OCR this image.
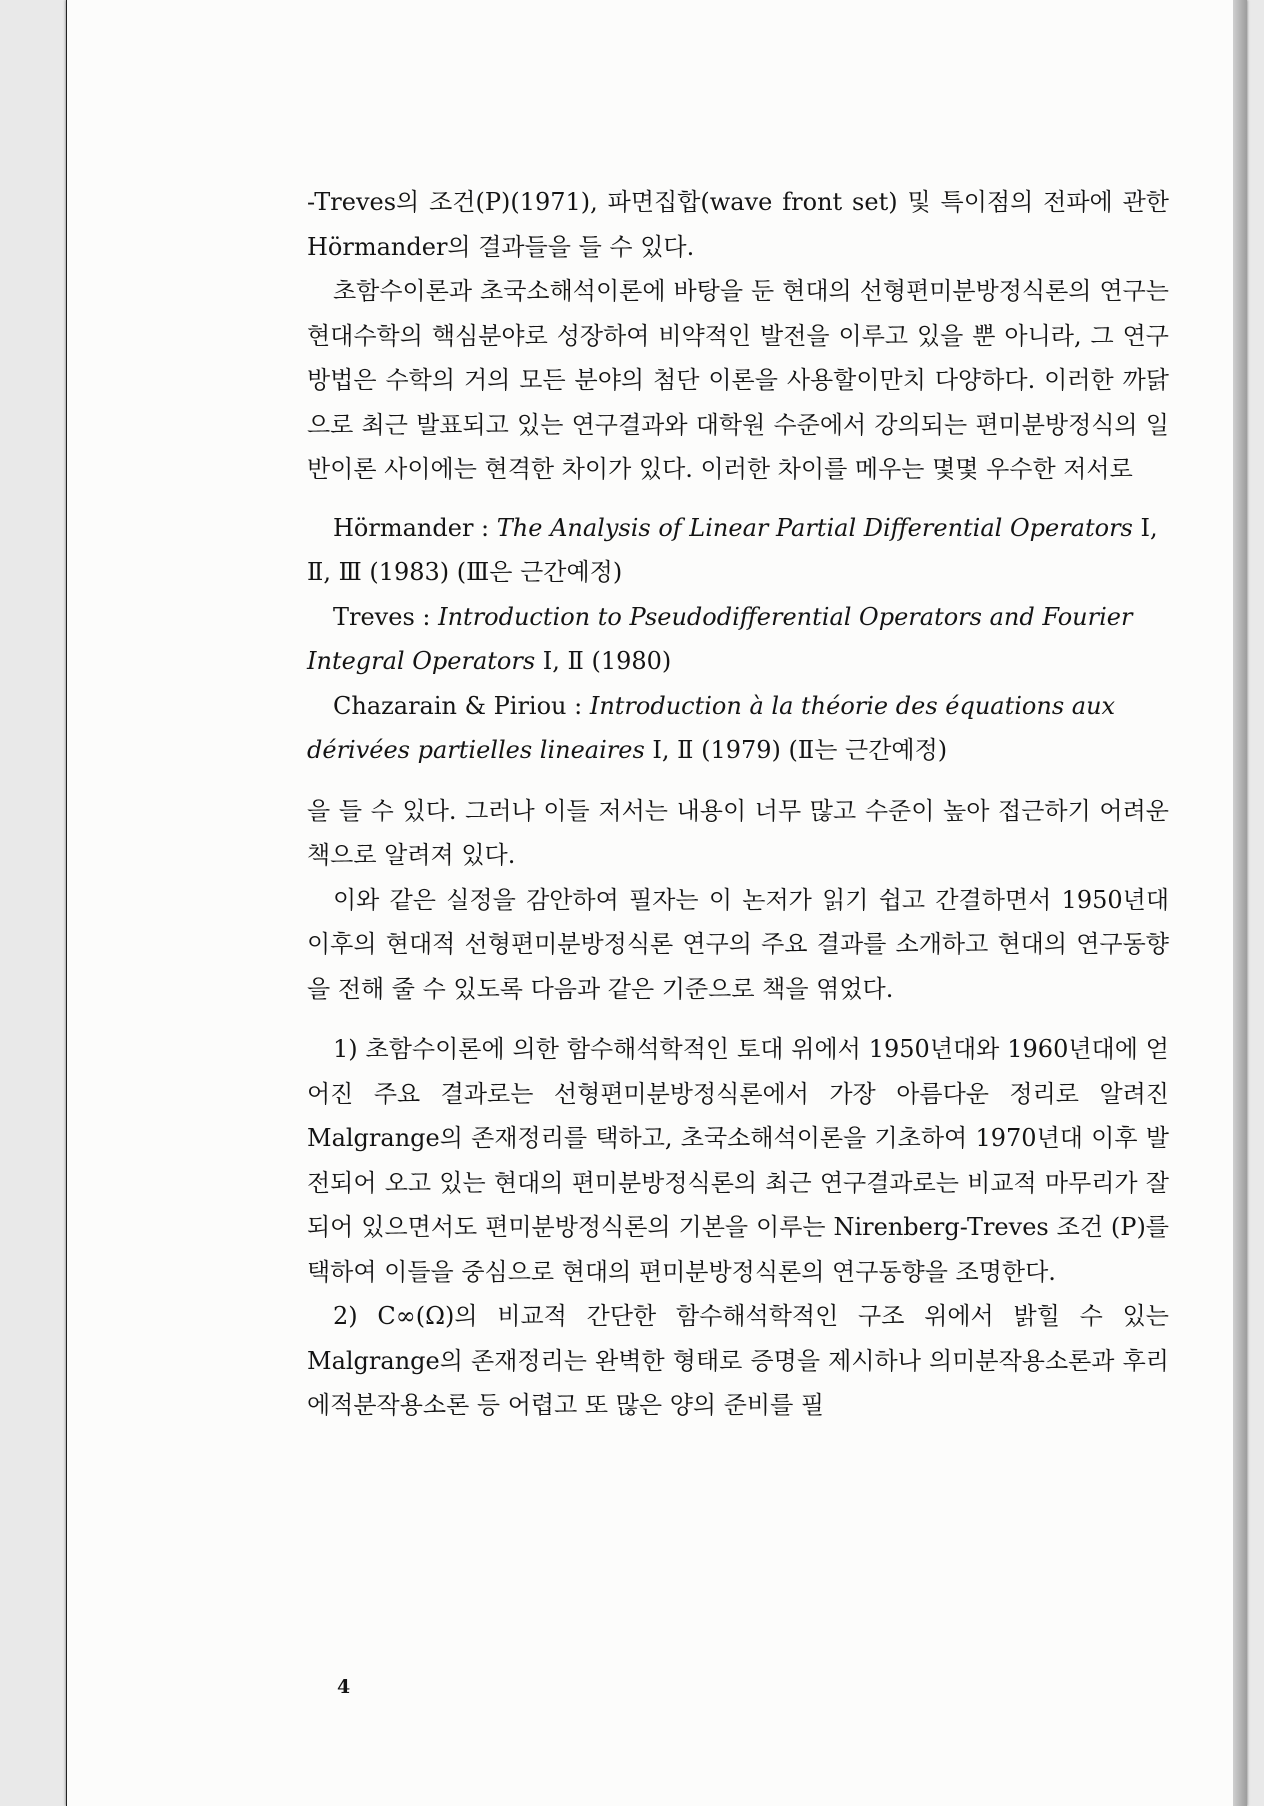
-Treves의 조건(P)(1971), 파면집합(wave front set) 및 특이점의 전파에 관한 Hörmander의 결과들을 들 수 있다.

초함수이론과 초국소해석이론에 바탕을 둔 현대의 선형편미분방정식론의 연구는 현대수학의 핵심분야로 성장하여 비약적인 발전을 이루고 있을 뿐 아니라, 그 연구 방법은 수학의 거의 모든 분야의 첨단 이론을 사용할이만치 다양하다. 이러한 까닭으로 최근 발표되고 있는 연구결과와 대학원 수준에서 강의되는 편미분방정식의 일반이론 사이에는 현격한 차이가 있다. 이러한 차이를 메우는 몇몇 우수한 저서로

Hörmander : The Analysis of Linear Partial Differential Operators Ⅰ, Ⅱ, Ⅲ (1983) (Ⅲ은 근간예정)

Treves : Introduction to Pseudodifferential Operators and Fourier Integral Operators Ⅰ, Ⅱ (1980)

Chazarain & Piriou : Introduction à la théorie des équations aux dérivées partielles lineaires Ⅰ, Ⅱ (1979) (Ⅱ는 근간예정)

을 들 수 있다. 그러나 이들 저서는 내용이 너무 많고 수준이 높아 접근하기 어려운 책으로 알려져 있다.

이와 같은 실정을 감안하여 필자는 이 논저가 읽기 쉽고 간결하면서 1950년대 이후의 현대적 선형편미분방정식론 연구의 주요 결과를 소개하고 현대의 연구동향을 전해 줄 수 있도록 다음과 같은 기준으로 책을 엮었다.

1) 초함수이론에 의한 함수해석학적인 토대 위에서 1950년대와 1960년대에 얻어진 주요 결과로는 선형편미분방정식론에서 가장 아름다운 정리로 알려진 Malgrange의 존재정리를 택하고, 초국소해석이론을 기초하여 1970년대 이후 발전되어 오고 있는 현대의 편미분방정식론의 최근 연구결과로는 비교적 마무리가 잘 되어 있으면서도 편미분방정식론의 기본을 이루는 Nirenberg-Treves 조건 (P)를 택하여 이들을 중심으로 현대의 편미분방정식론의 연구동향을 조명한다.

2) C∞(Ω)의 비교적 간단한 함수해석학적인 구조 위에서 밝힐 수 있는 Malgrange의 존재정리는 완벽한 형태로 증명을 제시하나 의미분작용소론과 후리에적분작용소론 등 어렵고 또 많은 양의 준비를 필

4
